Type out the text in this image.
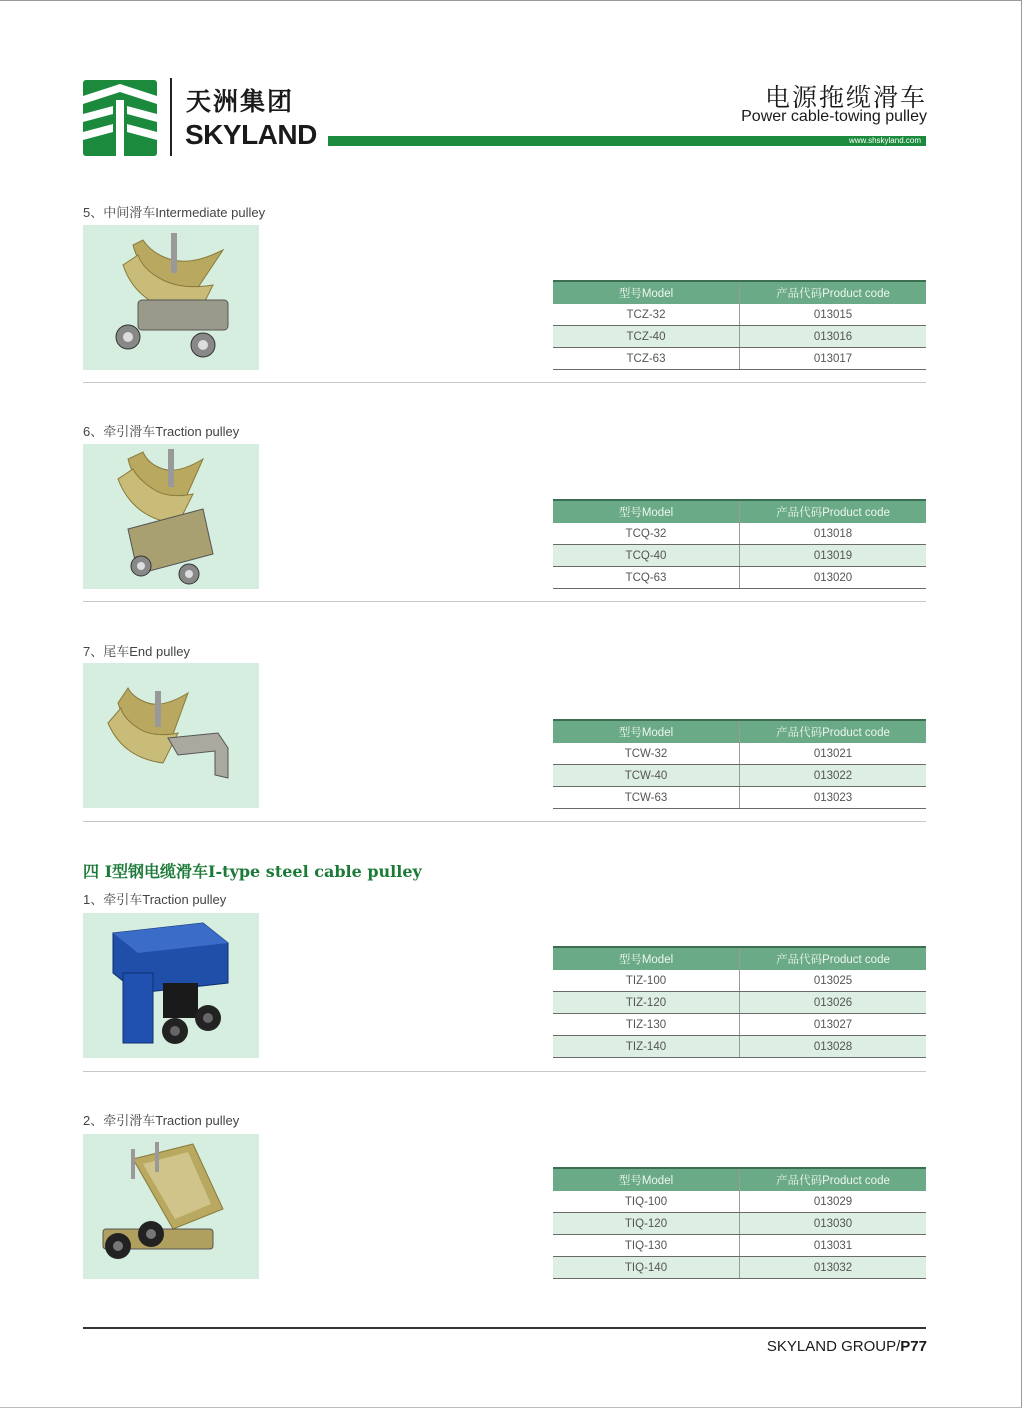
天洲集团
SKYLAND
电源拖缆滑车
Power cable-towing pulley
www.shskyland.com
5、中间滑车Intermediate pulley
型号Model	产品代码Product code
TCZ-32	013015
TCZ-40	013016
TCZ-63	013017
6、牵引滑车Traction pulley
型号Model	产品代码Product code
TCQ-32	013018
TCQ-40	013019
TCQ-63	013020
7、尾车End pulley
型号Model	产品代码Product code
TCW-32	013021
TCW-40	013022
TCW-63	013023
四 I型钢电缆滑车I-type steel cable pulley
1、牵引车Traction pulley
型号Model	产品代码Product code
TIZ-100	013025
TIZ-120	013026
TIZ-130	013027
TIZ-140	013028
2、牵引滑车Traction pulley
型号Model	产品代码Product code
TIQ-100	013029
TIQ-120	013030
TIQ-130	013031
TIQ-140	013032
SKYLAND GROUP/P77
